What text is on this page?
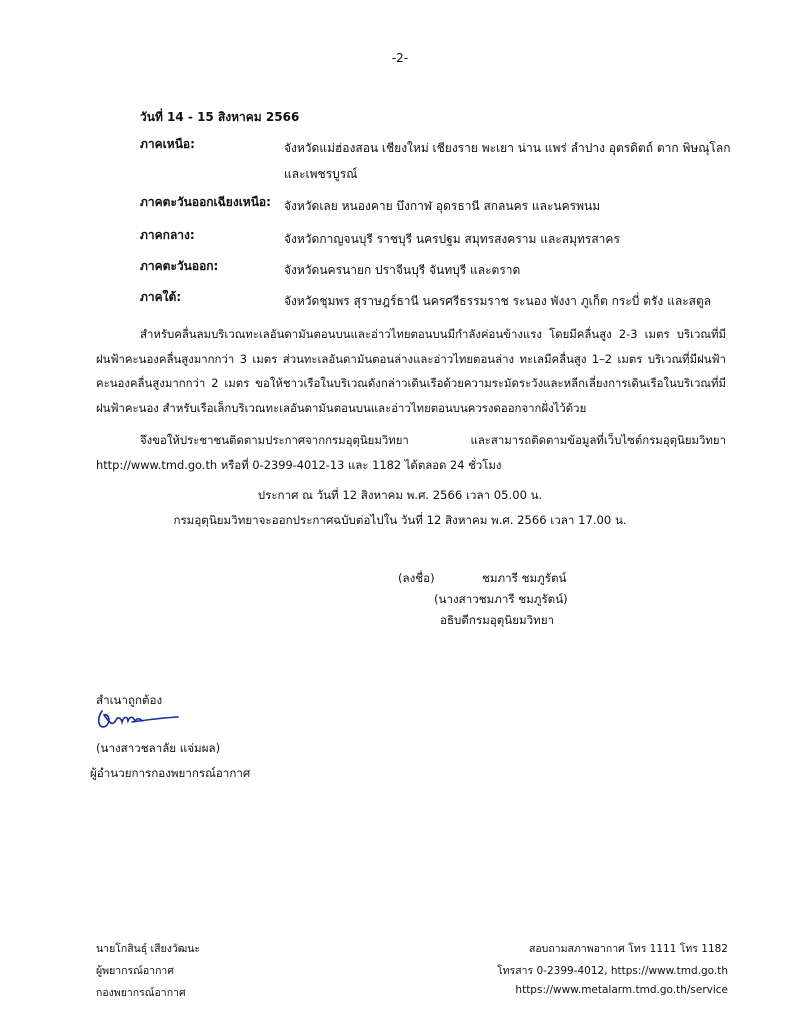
-2-
วันที่ 14 - 15 สิงหาคม 2566
ภาคเหนือ:	จังหวัดแม่ฮ่องสอน เชียงใหม่ เชียงราย พะเยา น่าน แพร่ ลำปาง อุตรดิตถ์ ตาก พิษณุโลก และเพชรบูรณ์
ภาคตะวันออกเฉียงเหนือ: จังหวัดเลย หนองคาย บึงกาฬ อุดรธานี สกลนคร และนครพนม
ภาคกลาง:	จังหวัดกาญจนบุรี ราชบุรี นครปฐม สมุทรสงคราม และสมุทรสาคร
ภาคตะวันออก:	จังหวัดนครนายก ปราจีนบุรี จันทบุรี และตราด
ภาคใต้:	จังหวัดชุมพร สุราษฎร์ธานี นครศรีธรรมราช ระนอง พังงา ภูเก็ต กระบี่ ตรัง และสตูล
สำหรับคลื่นลมบริเวณทะเลอันดามันตอนบนและอ่าวไทยตอนบนมีกำลังค่อนข้างแรง โดยมีคลื่นสูง 2-3 เมตร บริเวณที่มีฝนฟ้าคะนองคลื่นสูงมากกว่า 3 เมตร ส่วนทะเลอันดามันตอนล่างและอ่าวไทยตอนล่าง ทะเลมีคลื่นสูง 1–2 เมตร บริเวณที่มีฝนฟ้าคะนองคลื่นสูงมากกว่า 2 เมตร ขอให้ชาวเรือในบริเวณดังกล่าวเดินเรือด้วยความระมัดระวังและหลีกเลี่ยงการเดินเรือในบริเวณที่มีฝนฟ้าคะนอง สำหรับเรือเล็กบริเวณทะเลอันดามันตอนบนและอ่าวไทยตอนบนควรงดออกจากฝั่งไว้ด้วย
จึงขอให้ประชาชนติดตามประกาศจากกรมอุตุนิยมวิทยา และสามารถติดตามข้อมูลที่เว็บไซต์กรมอุตุนิยมวิทยา http://www.tmd.go.th หรือที่ 0-2399-4012-13 และ 1182 ได้ตลอด 24 ชั่วโมง
ประกาศ ณ วันที่ 12 สิงหาคม พ.ศ. 2566 เวลา 05.00 น.
กรมอุตุนิยมวิทยาจะออกประกาศฉบับต่อไปใน วันที่ 12 สิงหาคม พ.ศ. 2566 เวลา 17.00 น.
(ลงชื่อ)	ชมภารี ชมภูรัตน์
(นางสาวชมภารี ชมภูรัตน์)
อธิบดีกรมอุตุนิยมวิทยา
สำเนาถูกต้อง
(นางสาวชลาลัย แจ่มผล)
ผู้อำนวยการกองพยากรณ์อากาศ
นายโกสินธุ์ เสียงวัฒนะ
ผู้พยากรณ์อากาศ
กองพยากรณ์อากาศ
สอบถามสภาพอากาศ โทร 1111 โทร 1182
โทรสาร 0-2399-4012, https://www.tmd.go.th
https://www.metalarm.tmd.go.th/service
